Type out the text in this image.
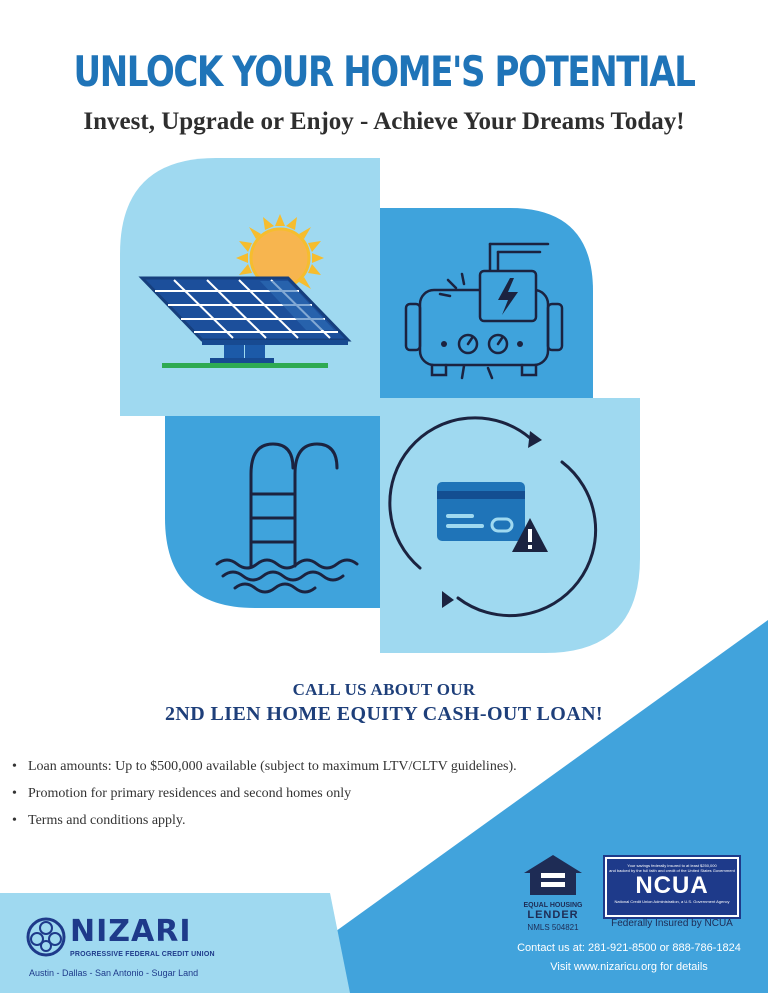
UNLOCK YOUR HOME'S POTENTIAL
Invest, Upgrade or Enjoy - Achieve Your Dreams Today!
CALL US ABOUT OUR
2ND LIEN HOME EQUITY CASH-OUT LOAN!
• Loan amounts: Up to $500,000 available (subject to maximum LTV/CLTV guidelines).
• Promotion for primary residences and second homes only
• Terms and conditions apply.
EQUAL HOUSING
LENDER
NMLS 504821
Your savings federally insured to at least $250,000
and backed by the full faith and credit of the United States Government
NCUA
National Credit Union Administration, a U.S. Government Agency
Federally Insured by NCUA
NIZARI
PROGRESSIVE FEDERAL CREDIT UNION
Austin - Dallas - San Antonio - Sugar Land
Contact us at: 281-921-8500 or 888-786-1824
Visit www.nizaricu.org for details
